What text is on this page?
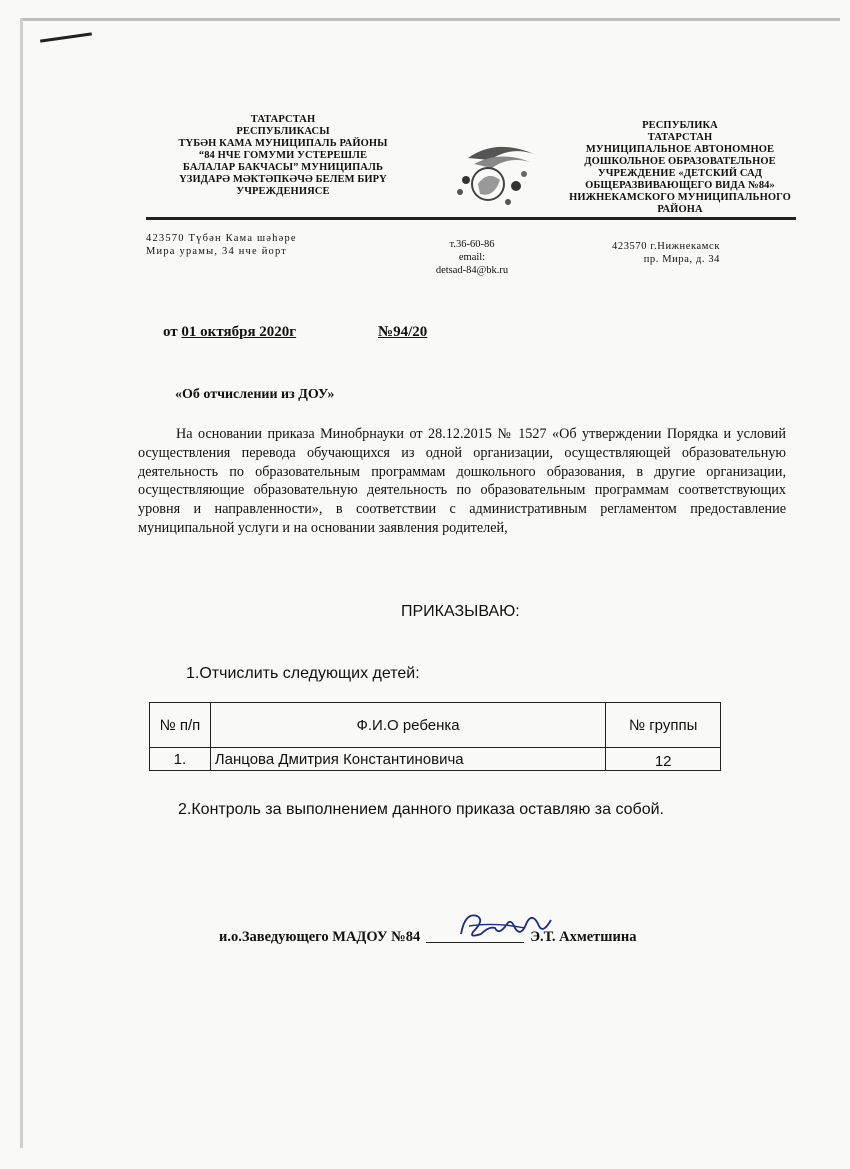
ТАТАРСТАН
РЕСПУБЛИКАСЫ
ТҮБӘН КАМА МУНИЦИПАЛЬ РАЙОНЫ
“84 НЧЕ ГОМУМИ УСТЕРЕШЛЕ
БАЛАЛАР БАКЧАСЫ” МУНИЦИПАЛЬ
ҮЗИДАРӘ МӘКТӘПКӘЧӘ БЕЛЕМ БИРҮ
УЧРЕЖДЕНИЯСЕ
РЕСПУБЛИКА
ТАТАРСТАН
МУНИЦИПАЛЬНОЕ АВТОНОМНОЕ
ДОШКОЛЬНОЕ ОБРАЗОВАТЕЛЬНОЕ
УЧРЕЖДЕНИЕ «ДЕТСКИЙ САД
ОБЩЕРАЗВИВАЮЩЕГО ВИДА №84»
НИЖНЕКАМСКОГО МУНИЦИПАЛЬНОГО
РАЙОНА
423570 Түбән Кама шәһәре
Мира урамы, 34 нче йорт
т.36-60-86
email:
detsad-84@bk.ru
423570 г.Нижнекамск
пр. Мира, д. 34
от 01 октября 2020г	№94/20
«Об отчислении из ДОУ»
На основании приказа Минобрнауки от 28.12.2015 № 1527 «Об утверждении Порядка и условий осуществления перевода обучающихся из одной организации, осуществляющей образовательную деятельность по образовательным программам дошкольного образования, в другие организации, осуществляющие образовательную деятельность по образовательным программам соответствующих уровня и направленности», в соответствии с административным регламентом предоставление муниципальной услуги и на основании заявления родителей,
ПРИКАЗЫВАЮ:
1.Отчислить следующих детей:
№ п/п	Ф.И.О ребенка	№ группы
1.	Ланцова Дмитрия Константиновича	12
2.Контроль за выполнением данного приказа оставляю за собой.
и.о.Заведующего МАДОУ №84	Э.Т. Ахметшина
